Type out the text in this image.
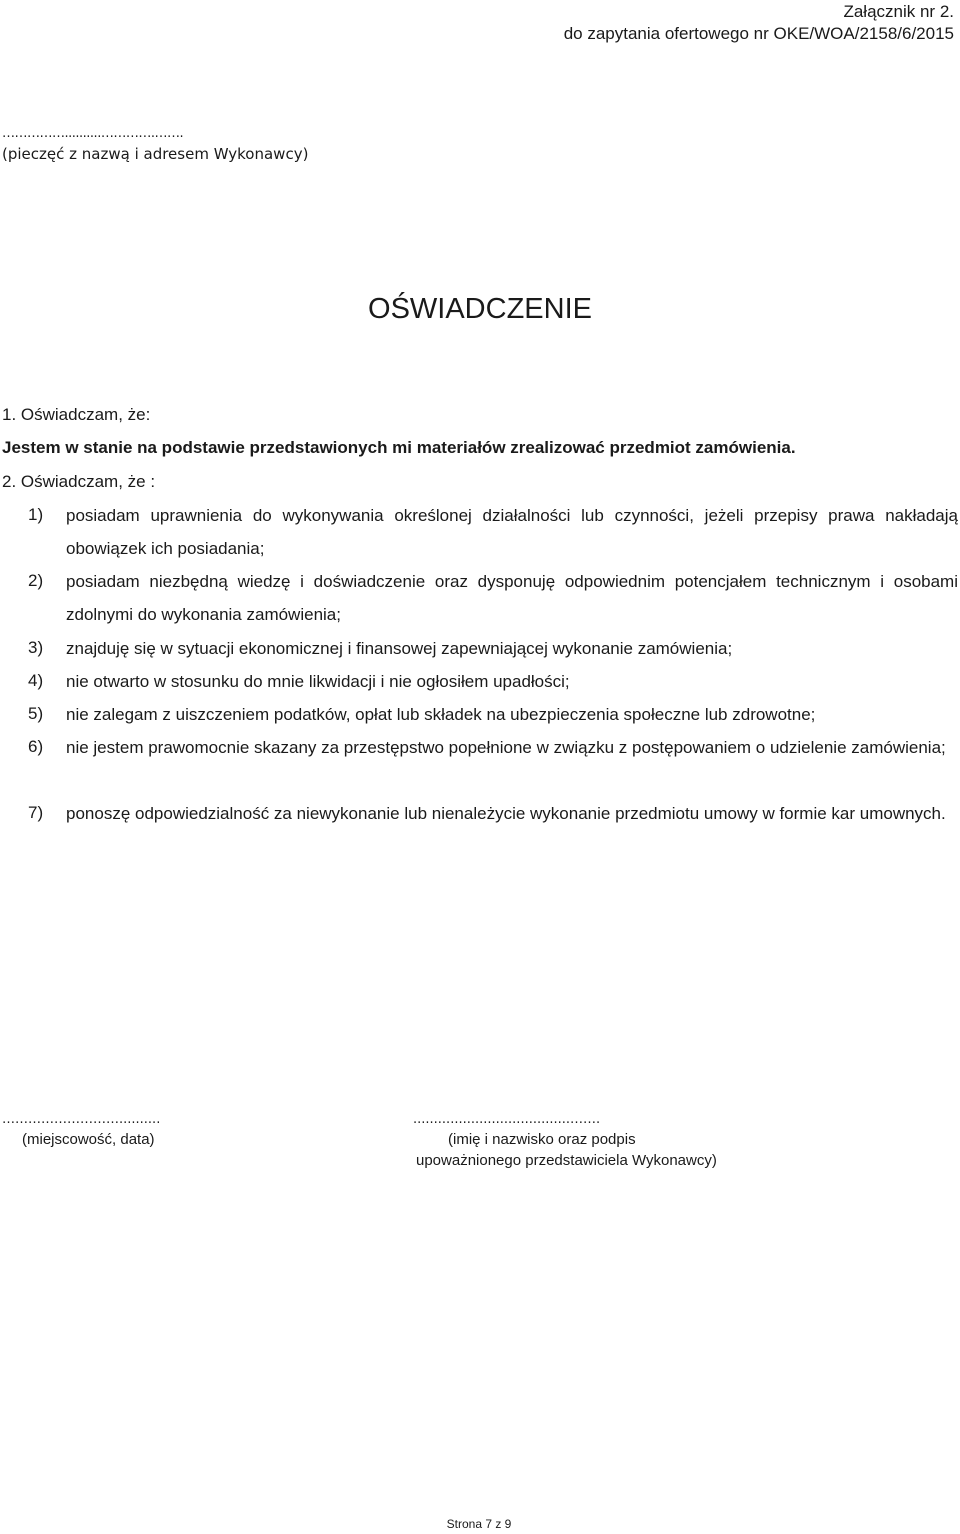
Załącznik nr 2.
do zapytania ofertowego nr OKE/WOA/2158/6/2015
……………..........………….…….
(pieczęć z nazwą i adresem Wykonawcy)
OŚWIADCZENIE
1. Oświadczam, że:
Jestem w stanie na podstawie przedstawionych mi materiałów zrealizować przedmiot zamówienia.
2. Oświadczam, że :
1) posiadam uprawnienia do wykonywania określonej działalności lub czynności, jeżeli przepisy prawa nakładają obowiązek ich posiadania;
2) posiadam niezbędną wiedzę i doświadczenie oraz dysponuję odpowiednim potencjałem technicznym i osobami zdolnymi do wykonania zamówienia;
3) znajduję się w sytuacji ekonomicznej i finansowej zapewniającej wykonanie zamówienia;
4) nie otwarto w stosunku do mnie likwidacji i nie ogłosiłem upadłości;
5) nie zalegam z uiszczeniem podatków, opłat lub składek na ubezpieczenia społeczne lub zdrowotne;
6) nie jestem prawomocnie skazany za przestępstwo popełnione w związku z postępowaniem o udzielenie zamówienia;
7) ponoszę odpowiedzialność za niewykonanie lub nienależycie wykonanie przedmiotu umowy w formie kar umownych.
………………………..........	......................................…….
(miejscowość, data)	(imię i nazwisko oraz podpis
upoważnionego przedstawiciela Wykonawcy)
Strona 7 z 9
